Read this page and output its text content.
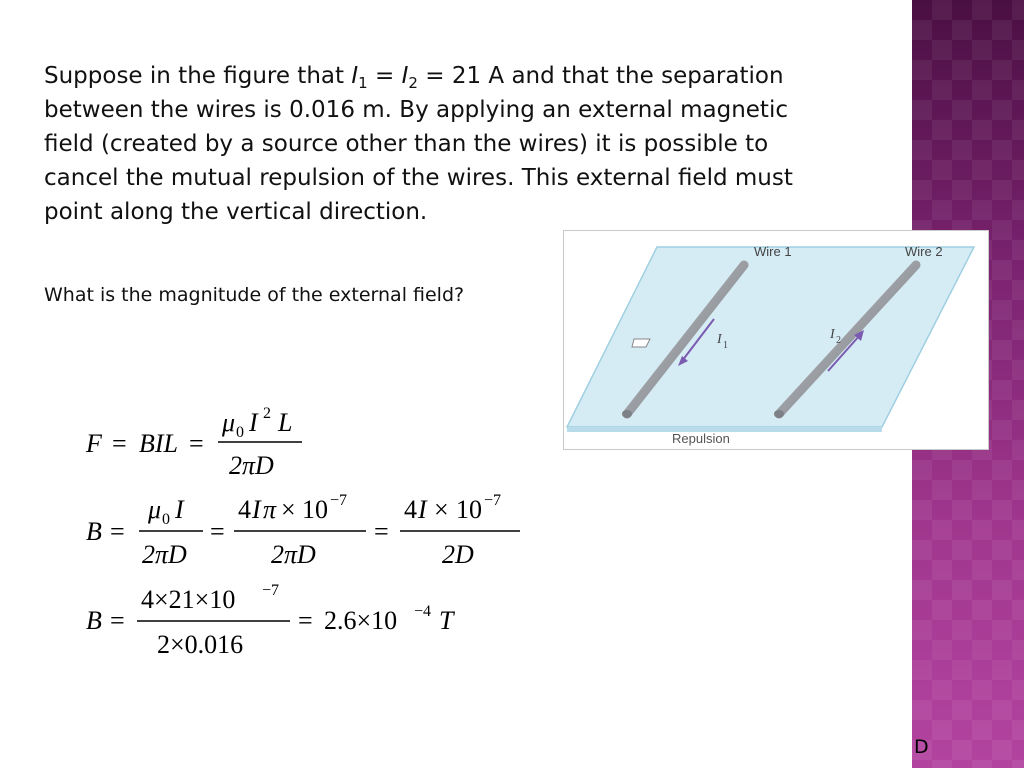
Suppose in the figure that $I_1 = I_2 = 21$ A and that the separation between the wires is 0.016 m. By applying an external magnetic field (created by a source other than the wires) it is possible to cancel the mutual repulsion of the wires. This external field must point along the vertical direction.

What is the magnitude of the external field?

Wire 1	Wire 2
I 1
I 2
Repulsion
F = BIL =
μ 0 I 2 L
2πD
B =
μ 0 I
2πD
=
4 I π × 10 −7
2πD
=
4 I × 10 −7
2D
B =
4×21×10 −7
2×0.016
= 2.6×10 −4 T
D
